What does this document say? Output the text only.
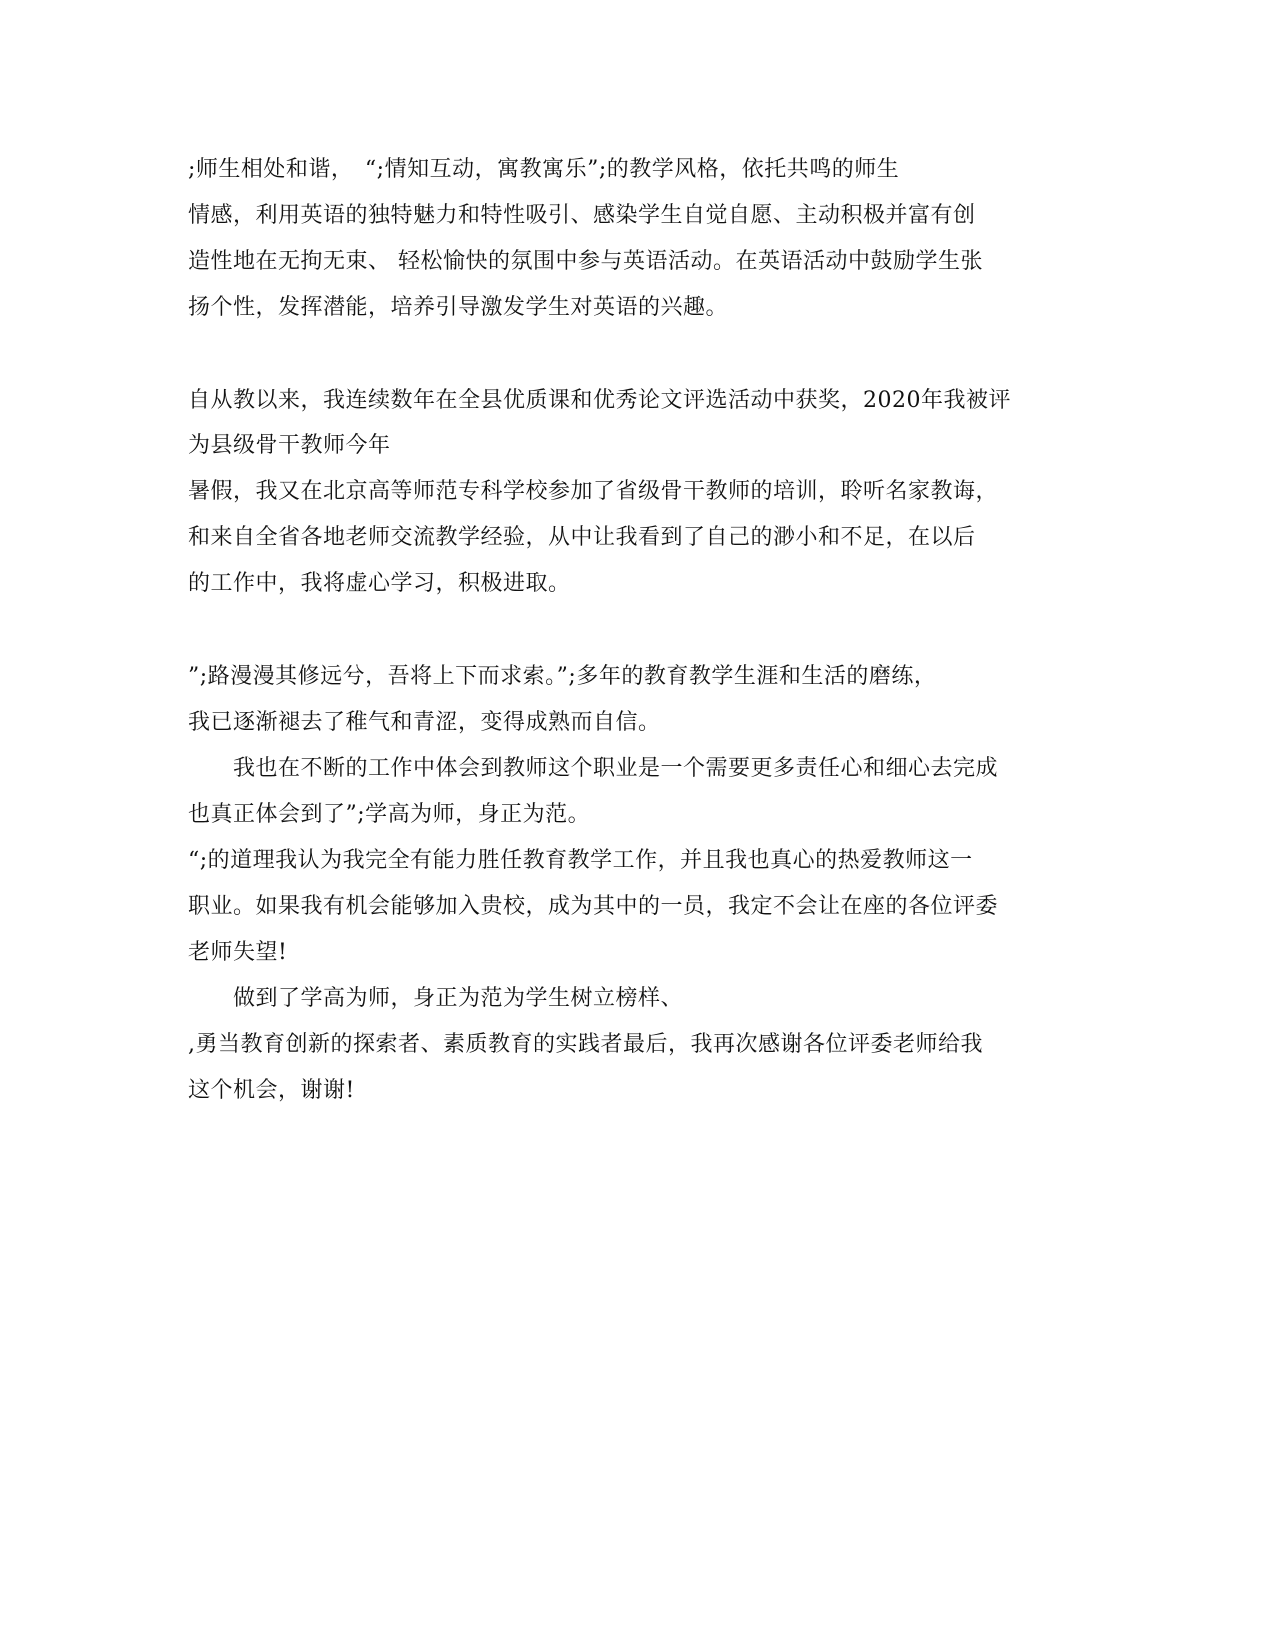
;师生相处和谐，　“;情知互动，寓教寓乐”;的教学风格，依托共鸣的师生
情感，利用英语的独特魅力和特性吸引、感染学生自觉自愿、主动积极并富有创
造性地在无拘无束、 轻松愉快的氛围中参与英语活动。在英语活动中鼓励学生张
扬个性，发挥潜能，培养引导激发学生对英语的兴趣。
自从教以来，我连续数年在全县优质课和优秀论文评选活动中获奖，2020年我被评
为县级骨干教师今年
暑假，我又在北京高等师范专科学校参加了省级骨干教师的培训，聆听名家教诲，
和来自全省各地老师交流教学经验，从中让我看到了自己的渺小和不足，在以后
的工作中，我将虚心学习，积极进取。
”;路漫漫其修远兮，吾将上下而求索。”;多年的教育教学生涯和生活的磨练，
我已逐渐褪去了稚气和青涩，变得成熟而自信。
　　我也在不断的工作中体会到教师这个职业是一个需要更多责任心和细心去完成
也真正体会到了”;学高为师，身正为范。
“;的道理我认为我完全有能力胜任教育教学工作，并且我也真心的热爱教师这一
职业。如果我有机会能够加入贵校，成为其中的一员，我定不会让在座的各位评委
老师失望!
　　做到了学高为师，身正为范为学生树立榜样、
,勇当教育创新的探索者、素质教育的实践者最后，我再次感谢各位评委老师给我
这个机会，谢谢!
